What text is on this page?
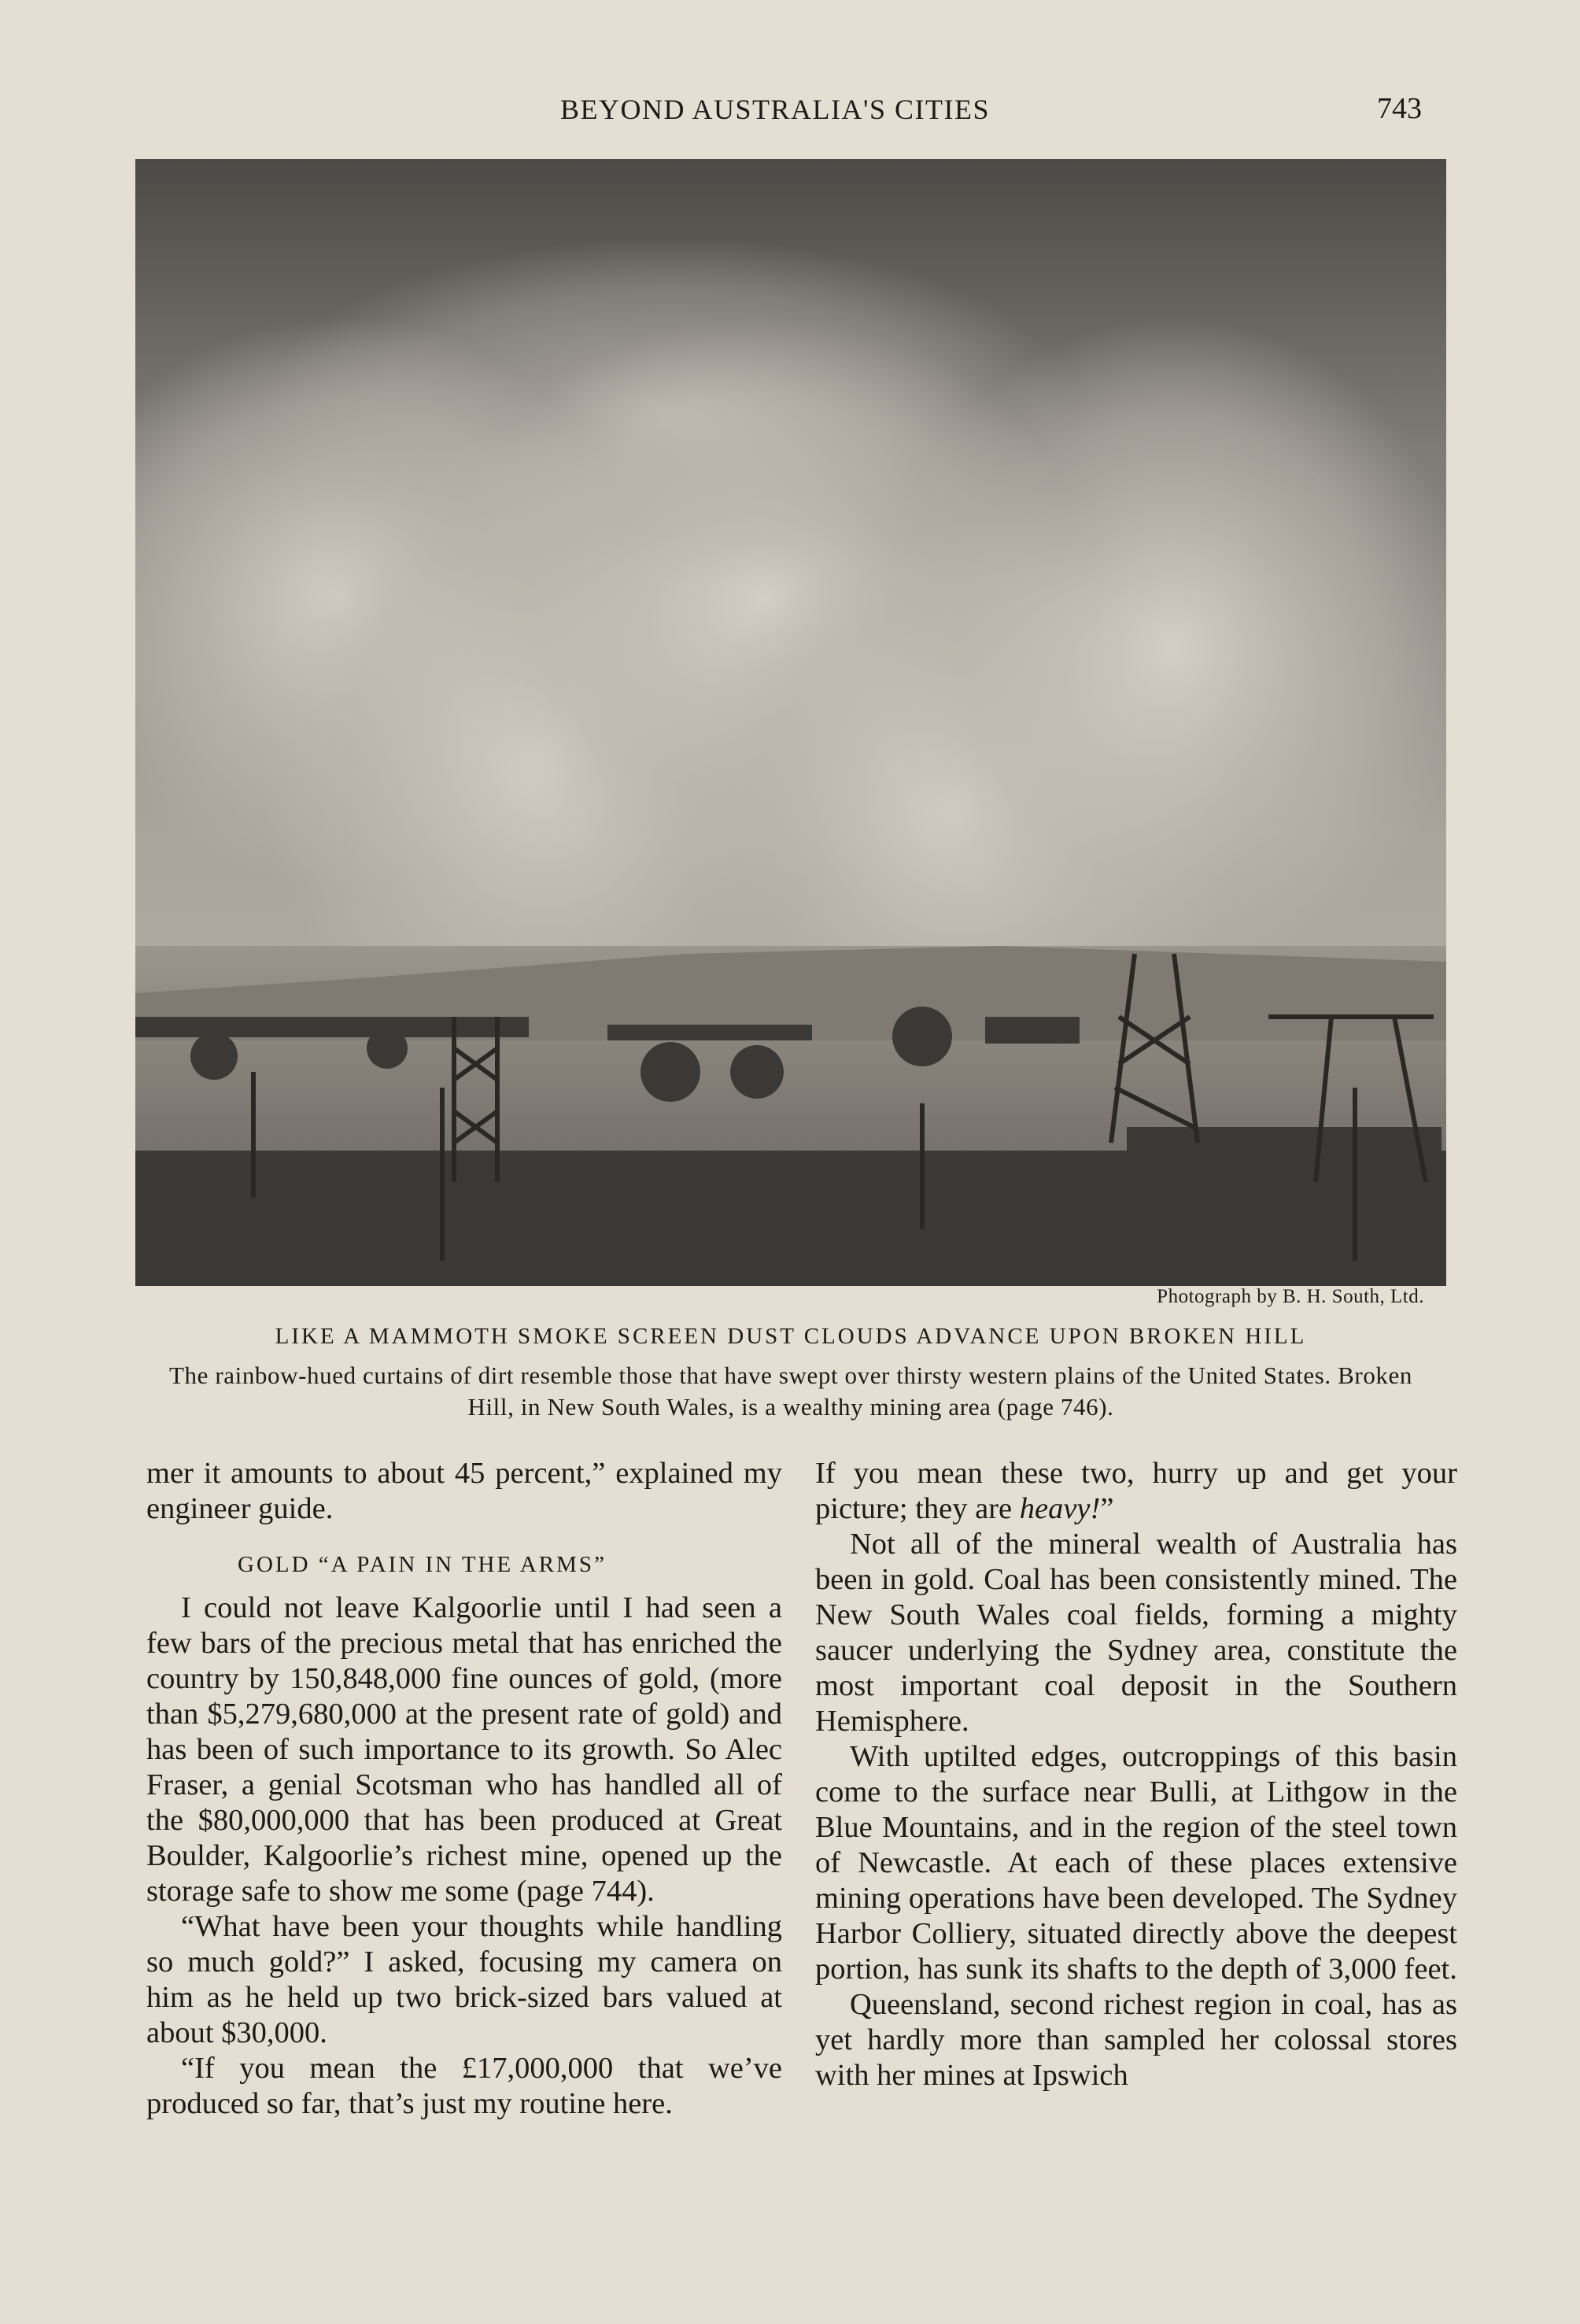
BEYOND AUSTRALIA'S CITIES	743
Photograph by B. H. South, Ltd.
LIKE A MAMMOTH SMOKE SCREEN DUST CLOUDS ADVANCE UPON BROKEN HILL
The rainbow-hued curtains of dirt resemble those that have swept over thirsty western plains of the United States. Broken Hill, in New South Wales, is a wealthy mining area (page 746).

mer it amounts to about 45 percent,” explained my engineer guide.

GOLD “A PAIN IN THE ARMS”

I could not leave Kalgoorlie until I had seen a few bars of the precious metal that has enriched the country by 150,848,000 fine ounces of gold, (more than $5,279,680,000 at the present rate of gold) and has been of such importance to its growth. So Alec Fraser, a genial Scotsman who has handled all of the $80,000,000 that has been produced at Great Boulder, Kalgoorlie’s richest mine, opened up the storage safe to show me some (page 744).

“What have been your thoughts while handling so much gold?” I asked, focusing my camera on him as he held up two brick-sized bars valued at about $30,000.

“If you mean the £17,000,000 that we’ve produced so far, that’s just my routine here.

If you mean these two, hurry up and get your picture; they are heavy!”

Not all of the mineral wealth of Australia has been in gold. Coal has been consistently mined. The New South Wales coal fields, forming a mighty saucer underlying the Sydney area, constitute the most important coal deposit in the Southern Hemisphere.

With uptilted edges, outcroppings of this basin come to the surface near Bulli, at Lithgow in the Blue Mountains, and in the region of the steel town of Newcastle. At each of these places extensive mining operations have been developed. The Sydney Harbor Colliery, situated directly above the deepest portion, has sunk its shafts to the depth of 3,000 feet.

Queensland, second richest region in coal, has as yet hardly more than sampled her colossal stores with her mines at Ipswich
